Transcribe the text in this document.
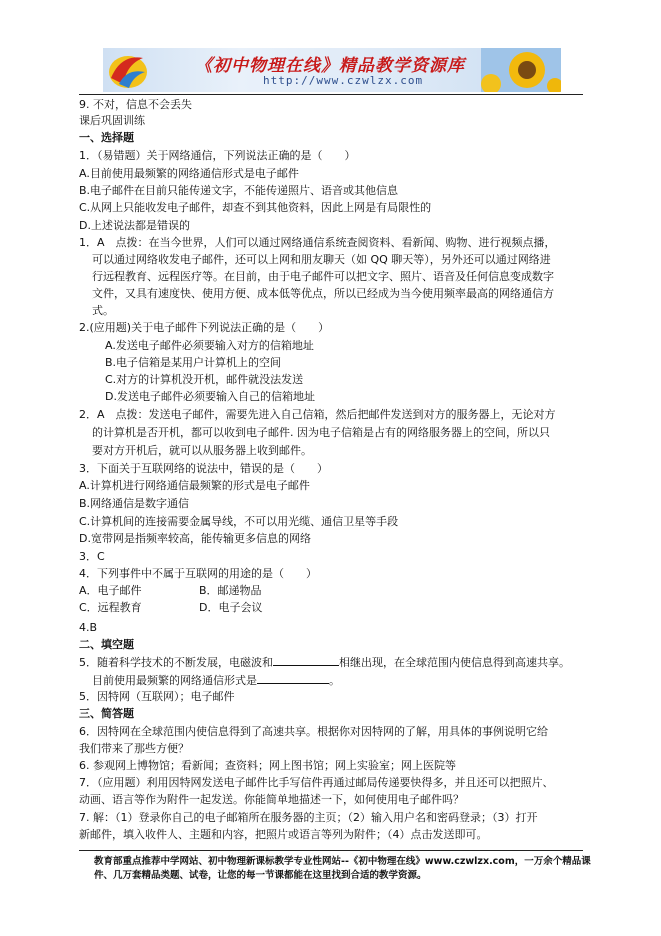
《初中物理在线》精品教学资源库
http://www.czwlzx.com
9. 不对，信息不会丢失
课后巩固训练
一、选择题
1．（易错题）关于网络通信，下列说法正确的是（　　）
A.目前使用最频繁的网络通信形式是电子邮件
B.电子邮件在目前只能传递文字，不能传递照片、语音或其他信息
C.从网上只能收发电子邮件，却查不到其他资料，因此上网是有局限性的
D.上述说法都是错误的
1．A　点拨：在当今世界，人们可以通过网络通信系统查阅资料、看新闻、购物、进行视频点播，
可以通过网络收发电子邮件，还可以上网和朋友聊天（如 QQ 聊天等），另外还可以通过网络进
行远程教育、远程医疗等。在目前，由于电子邮件可以把文字、照片、语音及任何信息变成数字
文件，又具有速度快、使用方便、成本低等优点，所以已经成为当今使用频率最高的网络通信方
式。
2.(应用题)关于电子邮件下列说法正确的是（　　）
A.发送电子邮件必须要输入对方的信箱地址
B.电子信箱是某用户计算机上的空间
C.对方的计算机没开机，邮件就没法发送
D.发送电子邮件必须要输入自己的信箱地址
2．A　点拨：发送电子邮件，需要先进入自己信箱，然后把邮件发送到对方的服务器上，无论对方
的计算机是否开机，都可以收到电子邮件. 因为电子信箱是占有的网络服务器上的空间，所以只
要对方开机后，就可以从服务器上收到邮件。
3．下面关于互联网络的说法中，错误的是（　　）
A.计算机进行网络通信最频繁的形式是电子邮件
B.网络通信是数字通信
C.计算机间的连接需要金属导线，不可以用光缆、通信卫星等手段
D.宽带网是指频率较高，能传输更多信息的网络
3．C
4．下列事件中不属于互联网的用途的是（　　）
A．电子邮件	B．邮递物品
C．远程教育	D．电子会议
4.B
二、填空题
5．随着科学技术的不断发展，电磁波和	相继出现，在全球范围内使信息得到高速共享。
目前使用最频繁的网络通信形式是	。
5．因特网（互联网）；电子邮件
三、简答题
6．因特网在全球范围内使信息得到了高速共享。根据你对因特网的了解，用具体的事例说明它给
我们带来了那些方便？
6. 参观网上博物馆；看新闻；查资料；网上图书馆；网上实验室；网上医院等
7．（应用题）利用因特网发送电子邮件比手写信件再通过邮局传递要快得多，并且还可以把照片、
动画、语言等作为附件一起发送。你能简单地描述一下，如何使用电子邮件吗？
7. 解：（1）登录你自己的电子邮箱所在服务器的主页；（2）输入用户名和密码登录；（3）打开
新邮件，填入收件人、主题和内容，把照片或语言等列为附件；（4）点击发送即可。
教育部重点推荐中学网站、初中物理新课标教学专业性网站--《初中物理在线》www.czwlzx.com，一万余个精品课
件、几万套精品类题、试卷，让您的每一节课都能在这里找到合适的教学资源。
